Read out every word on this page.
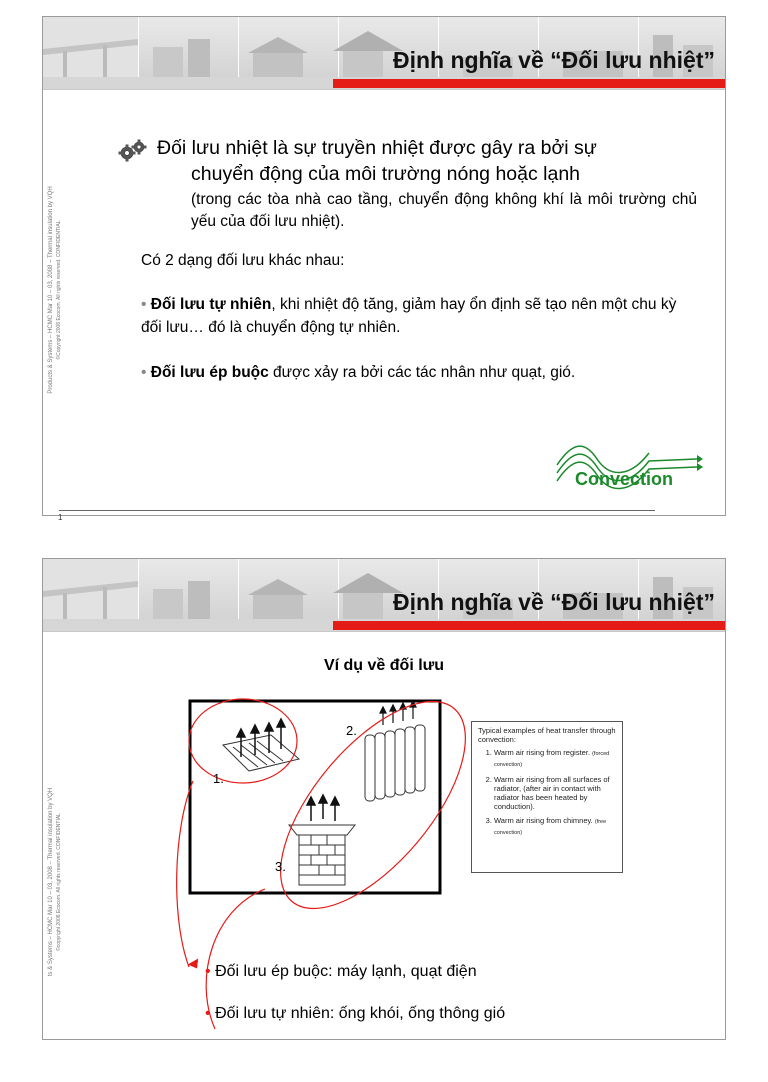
Định nghĩa về “Đối lưu nhiệt”
Products & Systems – HCMC Mar 10 – 03, 2008 – Thermal insulation by VQH ©Copyright 2008 Ecocom. All rights reserved. CONFIDENTIAL
1
Đối lưu nhiệt là sự truyền nhiệt được gây ra bởi sự
chuyển động của môi trường nóng hoặc lạnh
(trong các tòa nhà cao tầng, chuyển động không khí là môi trường chủ yếu của đối lưu nhiệt).
Có 2 dạng đối lưu khác nhau:
• Đối lưu tự nhiên, khi nhiệt độ tăng, giảm hay ổn định sẽ tạo nên một chu kỳ đối lưu… đó là chuyển động tự nhiên.
• Đối lưu ép buộc được xảy ra bởi các tác nhân như quạt, gió.
Convection
Định nghĩa về “Đối lưu nhiệt”
ts & Systems – HCMC Mar 10 – 03, 2008 – Thermal insulation by VQH ©copyright 2008 Ecocom. All rights reserved. CONFIDENTIAL
Ví dụ về đối lưu
1.
2.
3.
Typical examples of heat transfer through convection:
1. Warm air rising from register. (forced convection)
2. Warm air rising from all surfaces of radiator, (after air in contact with radiator has been heated by conduction).
3. Warm air rising from chimney. (free convection)
• Đối lưu ép buộc: máy lạnh, quạt điện
• Đối lưu tự nhiên: ống khói, ống thông gió
